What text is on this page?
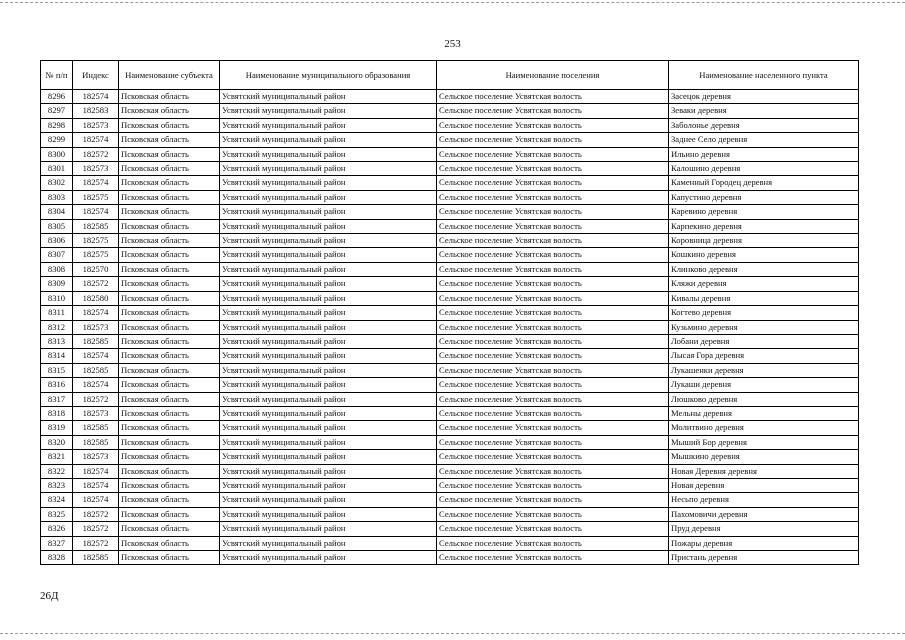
253
№ п/п	Индекс	Наименование субъекта	Наименование муниципального образования	Наименование поселения	Наименование населенного пункта
8296	182574	Псковская область	Усвятский муниципальный район	Сельское поселение Усвятская волость	Засецок деревня
8297	182583	Псковская область	Усвятский муниципальный район	Сельское поселение Усвятская волость	Зеваки деревня
8298	182573	Псковская область	Усвятский муниципальный район	Сельское поселение Усвятская волость	Заболонье деревня
8299	182574	Псковская область	Усвятский муниципальный район	Сельское поселение Усвятская волость	Заднее Село деревня
8300	182572	Псковская область	Усвятский муниципальный район	Сельское поселение Усвятская волость	Ильино деревня
8301	182573	Псковская область	Усвятский муниципальный район	Сельское поселение Усвятская волость	Калошино деревня
8302	182574	Псковская область	Усвятский муниципальный район	Сельское поселение Усвятская волость	Каменный Городец деревня
8303	182575	Псковская область	Усвятский муниципальный район	Сельское поселение Усвятская волость	Капустино деревня
8304	182574	Псковская область	Усвятский муниципальный район	Сельское поселение Усвятская волость	Каревино деревня
8305	182585	Псковская область	Усвятский муниципальный район	Сельское поселение Усвятская волость	Карпекино деревня
8306	182575	Псковская область	Усвятский муниципальный район	Сельское поселение Усвятская волость	Коровница деревня
8307	182575	Псковская область	Усвятский муниципальный район	Сельское поселение Усвятская волость	Кошкино деревня
8308	182570	Псковская область	Усвятский муниципальный район	Сельское поселение Усвятская волость	Клинково деревня
8309	182572	Псковская область	Усвятский муниципальный район	Сельское поселение Усвятская волость	Кляжи деревня
8310	182580	Псковская область	Усвятский муниципальный район	Сельское поселение Усвятская волость	Кивалы деревня
8311	182574	Псковская область	Усвятский муниципальный район	Сельское поселение Усвятская волость	Когтево деревня
8312	182573	Псковская область	Усвятский муниципальный район	Сельское поселение Усвятская волость	Кузьмино деревня
8313	182585	Псковская область	Усвятский муниципальный район	Сельское поселение Усвятская волость	Лобани деревня
8314	182574	Псковская область	Усвятский муниципальный район	Сельское поселение Усвятская волость	Лысая Гора деревня
8315	182585	Псковская область	Усвятский муниципальный район	Сельское поселение Усвятская волость	Лукашенки деревня
8316	182574	Псковская область	Усвятский муниципальный район	Сельское поселение Усвятская волость	Лукаши деревня
8317	182572	Псковская область	Усвятский муниципальный район	Сельское поселение Усвятская волость	Люшково деревня
8318	182573	Псковская область	Усвятский муниципальный район	Сельское поселение Усвятская волость	Мельны деревня
8319	182585	Псковская область	Усвятский муниципальный район	Сельское поселение Усвятская волость	Молитвино деревня
8320	182585	Псковская область	Усвятский муниципальный район	Сельское поселение Усвятская волость	Мыший Бор деревня
8321	182573	Псковская область	Усвятский муниципальный район	Сельское поселение Усвятская волость	Мышкино деревня
8322	182574	Псковская область	Усвятский муниципальный район	Сельское поселение Усвятская волость	Новая Деревня деревня
8323	182574	Псковская область	Усвятский муниципальный район	Сельское поселение Усвятская волость	Новая деревня
8324	182574	Псковская область	Усвятский муниципальный район	Сельское поселение Усвятская волость	Несьпо деревня
8325	182572	Псковская область	Усвятский муниципальный район	Сельское поселение Усвятская волость	Пахомовичи деревня
8326	182572	Псковская область	Усвятский муниципальный район	Сельское поселение Усвятская волость	Пруд деревня
8327	182572	Псковская область	Усвятский муниципальный район	Сельское поселение Усвятская волость	Пожары деревня
8328	182585	Псковская область	Усвятский муниципальный район	Сельское поселение Усвятская волость	Пристань деревня
26Д
